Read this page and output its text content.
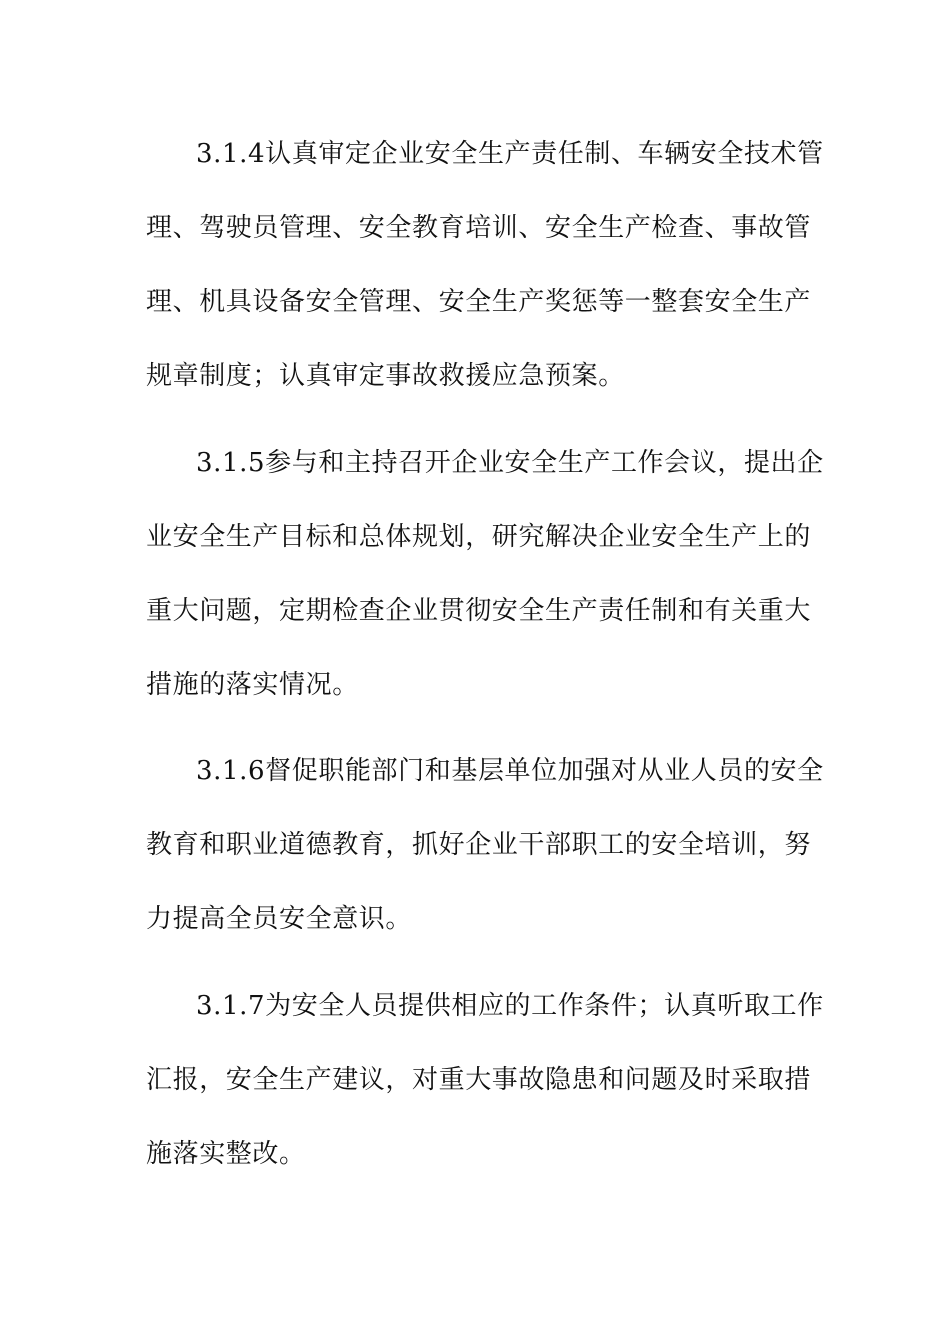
3.1.4认真审定企业安全生产责任制、车辆安全技术管
理、驾驶员管理、安全教育培训、安全生产检查、事故管
理、机具设备安全管理、安全生产奖惩等一整套安全生产
规章制度；认真审定事故救援应急预案。
3.1.5参与和主持召开企业安全生产工作会议，提出企
业安全生产目标和总体规划，研究解决企业安全生产上的
重大问题，定期检查企业贯彻安全生产责任制和有关重大
措施的落实情况。
3.1.6督促职能部门和基层单位加强对从业人员的安全
教育和职业道德教育，抓好企业干部职工的安全培训，努
力提高全员安全意识。
3.1.7为安全人员提供相应的工作条件；认真听取工作
汇报，安全生产建议，对重大事故隐患和问题及时采取措
施落实整改。
